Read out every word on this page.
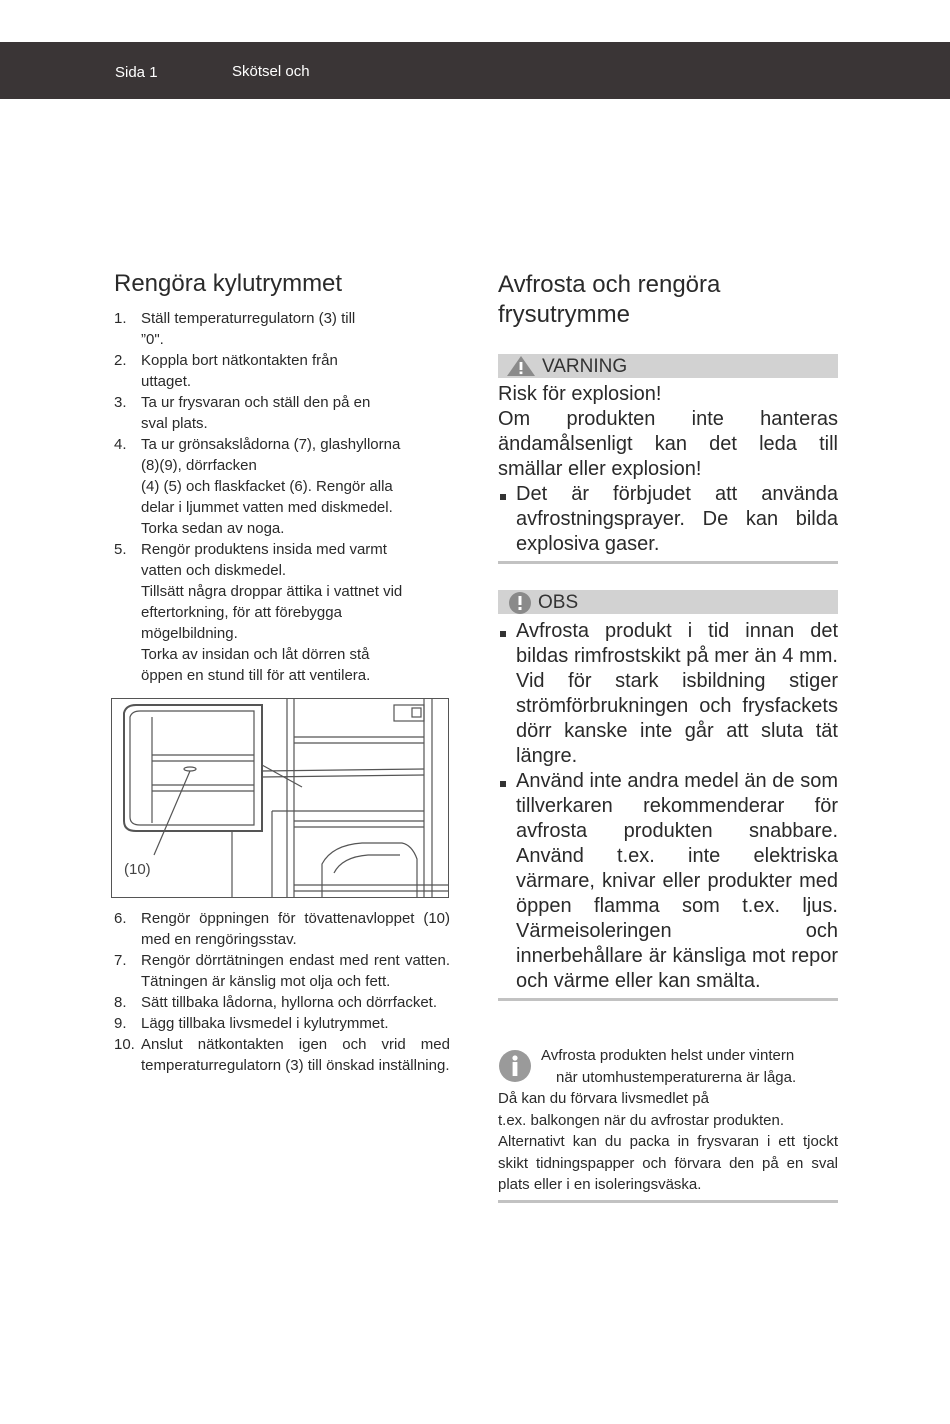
Sida 1	Skötsel och
Rengöra kylutrymmet
1. Ställ temperaturregulatorn (3) till
”0".
2. Koppla bort nätkontakten från
uttaget.
3. Ta ur frysvaran och ställ den på en
sval plats.
4. Ta ur grönsakslådorna (7), glashyllorna
(8)(9), dörrfacken
(4) (5) och flaskfacket (6). Rengör alla
delar i ljummet vatten med diskmedel.
Torka sedan av noga.
5. Rengör produktens insida med varmt
vatten och diskmedel.
Tillsätt några droppar ättika i vattnet vid
eftertorkning, för att förebygga
mögelbildning.
Torka av insidan och låt dörren stå
öppen en stund till för att ventilera.
(10)
6. Rengör öppningen för tövattenavloppet (10) med en rengöringsstav.
7. Rengör dörrtätningen endast med rent vatten. Tätningen är känslig mot olja och fett.
8. Sätt tillbaka lådorna, hyllorna och dörrfacket.
9. Lägg tillbaka livsmedel i kylutrymmet.
10. Anslut nätkontakten igen och vrid med temperaturregulatorn (3) till önskad inställning.
Avfrosta och rengöra
frysutrymme
VARNING

Risk för explosion!

Om produkten inte hanteras ändamålsenligt kan det leda till smällar eller explosion!

Det är förbjudet att använda avfrostningsprayer. De kan bilda explosiva gaser.
OBS
Avfrosta produkt i tid innan det bildas rimfrostskikt på mer än 4 mm. Vid för stark isbildning stiger strömförbrukningen och frysfackets dörr kanske inte går att sluta tät längre.
Använd inte andra medel än de som tillverkaren rekommenderar för avfrosta produkten snabbare. Använd t.ex. inte elektriska värmare, knivar eller produkter med öppen flamma som t.ex. ljus. Värmeisoleringen och innerbehållare är känsliga mot repor och värme eller kan smälta.

Avfrosta produkten helst under vintern

när utomhustemperaturerna är låga.

Då kan du förvara livsmedlet på

t.ex. balkongen när du avfrostar produkten.

Alternativt kan du packa in frysvaran i ett tjockt skikt tidningspapper och förvara den på en sval plats eller i en isoleringsväska.
